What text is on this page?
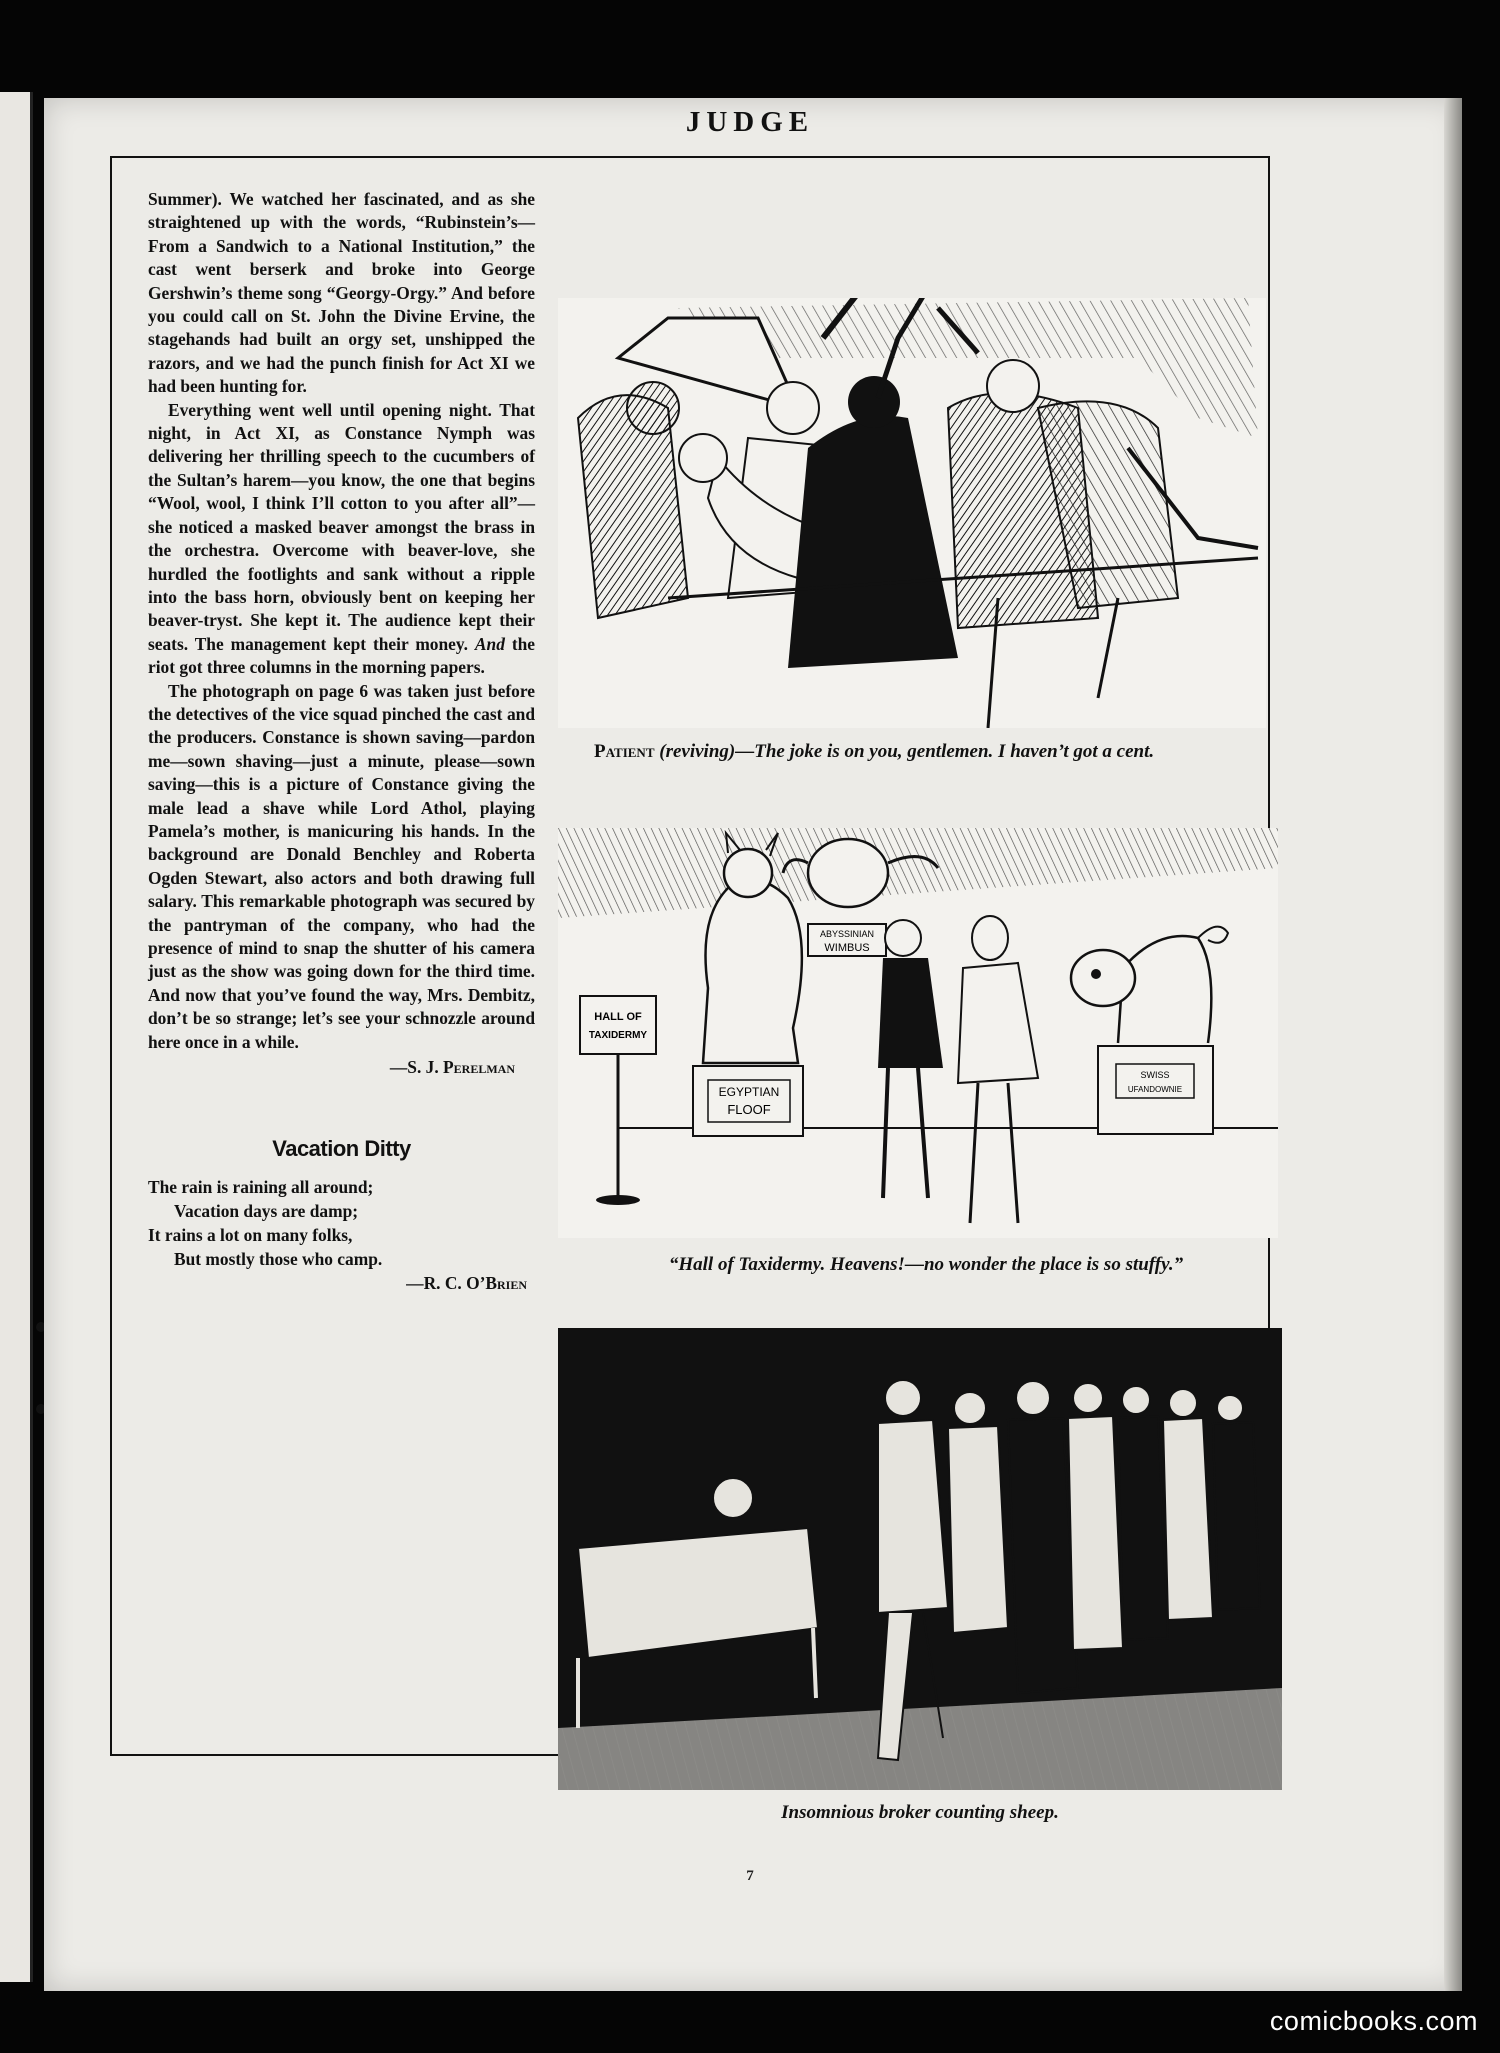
JUDGE

Summer). We watched her fascinated, and as she straightened up with the words, “Rubinstein’s—From a Sandwich to a National Institution,” the cast went berserk and broke into George Gershwin’s theme song “Georgy-Orgy.” And before you could call on St. John the Divine Ervine, the stagehands had built an orgy set, unshipped the razors, and we had the punch finish for Act XI we had been hunting for.

Everything went well until opening night. That night, in Act XI, as Constance Nymph was delivering her thrilling speech to the cucumbers of the Sultan’s harem—you know, the one that begins “Wool, wool, I think I’ll cotton to you after all”—she noticed a masked beaver amongst the brass in the orchestra. Overcome with beaver-love, she hurdled the footlights and sank without a ripple into the bass horn, obviously bent on keeping her beaver-tryst. She kept it. The audience kept their seats. The management kept their money. And the riot got three columns in the morning papers.

The photograph on page 6 was taken just before the detectives of the vice squad pinched the cast and the producers. Constance is shown saving—pardon me—sown shaving—just a minute, please—sown saving—this is a picture of Constance giving the male lead a shave while Lord Athol, playing Pamela’s mother, is manicuring his hands. In the background are Donald Benchley and Roberta Ogden Stewart, also actors and both drawing full salary. This remarkable photograph was secured by the pantryman of the company, who had the presence of mind to snap the shutter of his camera just as the show was going down for the third time. And now that you’ve found the way, Mrs. Dembitz, don’t be so strange; let’s see your schnozzle around here once in a while.

—S. J. Perelman
Vacation Ditty
The rain is raining all around;
Vacation days are damp;
It rains a lot on many folks,
But mostly those who camp.
—R. C. O’Brien
Patient (reviving)—The joke is on you, gentlemen. I haven’t got a cent.
HALL OF
TAXIDERMY
EGYPTIAN
FLOOF
ABYSSINIAN
WIMBUS
SWISS
UFANDOWNIE
“Hall of Taxidermy. Heavens!—no wonder the place is so stuffy.”
Insomnious broker counting sheep.
7
comicbooks.com
